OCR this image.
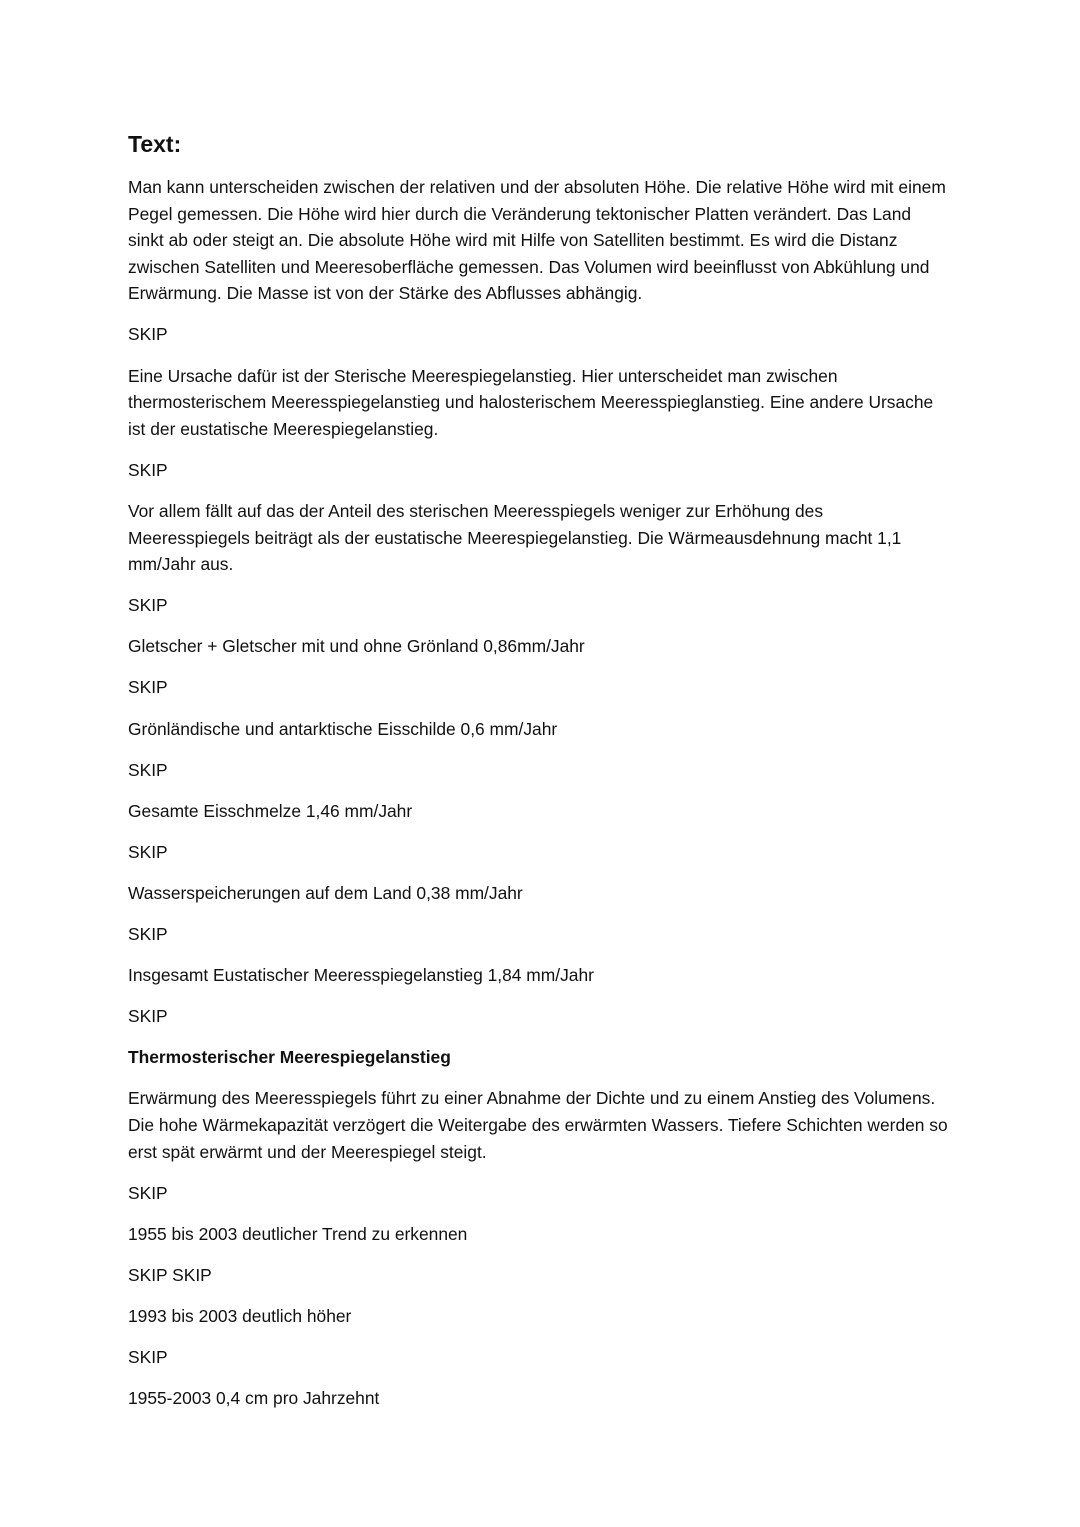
Text:

Man kann unterscheiden zwischen der relativen und der absoluten Höhe. Die relative Höhe wird mit einem Pegel gemessen. Die Höhe wird hier durch die Veränderung tektonischer Platten verändert. Das Land sinkt ab oder steigt an. Die absolute Höhe wird mit Hilfe von Satelliten bestimmt. Es wird die Distanz zwischen Satelliten und Meeresoberfläche gemessen. Das Volumen wird beeinflusst von Abkühlung und Erwärmung. Die Masse ist von der Stärke des Abflusses abhängig.

SKIP

Eine Ursache dafür ist der Sterische Meerespiegelanstieg. Hier unterscheidet man zwischen thermosterischem Meeresspiegelanstieg und halosterischem Meeresspieglanstieg. Eine andere Ursache ist der eustatische Meerespiegelanstieg.

SKIP

Vor allem fällt auf das der Anteil des sterischen Meeresspiegels weniger zur Erhöhung des Meeresspiegels beiträgt als der eustatische Meerespiegelanstieg. Die Wärmeausdehnung macht 1,1 mm/Jahr aus.

SKIP

Gletscher + Gletscher mit und ohne Grönland 0,86mm/Jahr

SKIP

Grönländische und antarktische Eisschilde 0,6 mm/Jahr

SKIP

Gesamte Eisschmelze 1,46 mm/Jahr

SKIP

Wasserspeicherungen auf dem Land 0,38 mm/Jahr

SKIP

Insgesamt Eustatischer Meeresspiegelanstieg 1,84 mm/Jahr

SKIP

Thermosterischer Meerespiegelanstieg

Erwärmung des Meeresspiegels führt zu einer Abnahme der Dichte und zu einem Anstieg des Volumens. Die hohe Wärmekapazität verzögert die Weitergabe des erwärmten Wassers. Tiefere Schichten werden so erst spät erwärmt und der Meerespiegel steigt.

SKIP

1955 bis 2003 deutlicher Trend zu erkennen

SKIP SKIP

1993 bis 2003 deutlich höher

SKIP

1955-2003 0,4 cm pro Jahrzehnt
